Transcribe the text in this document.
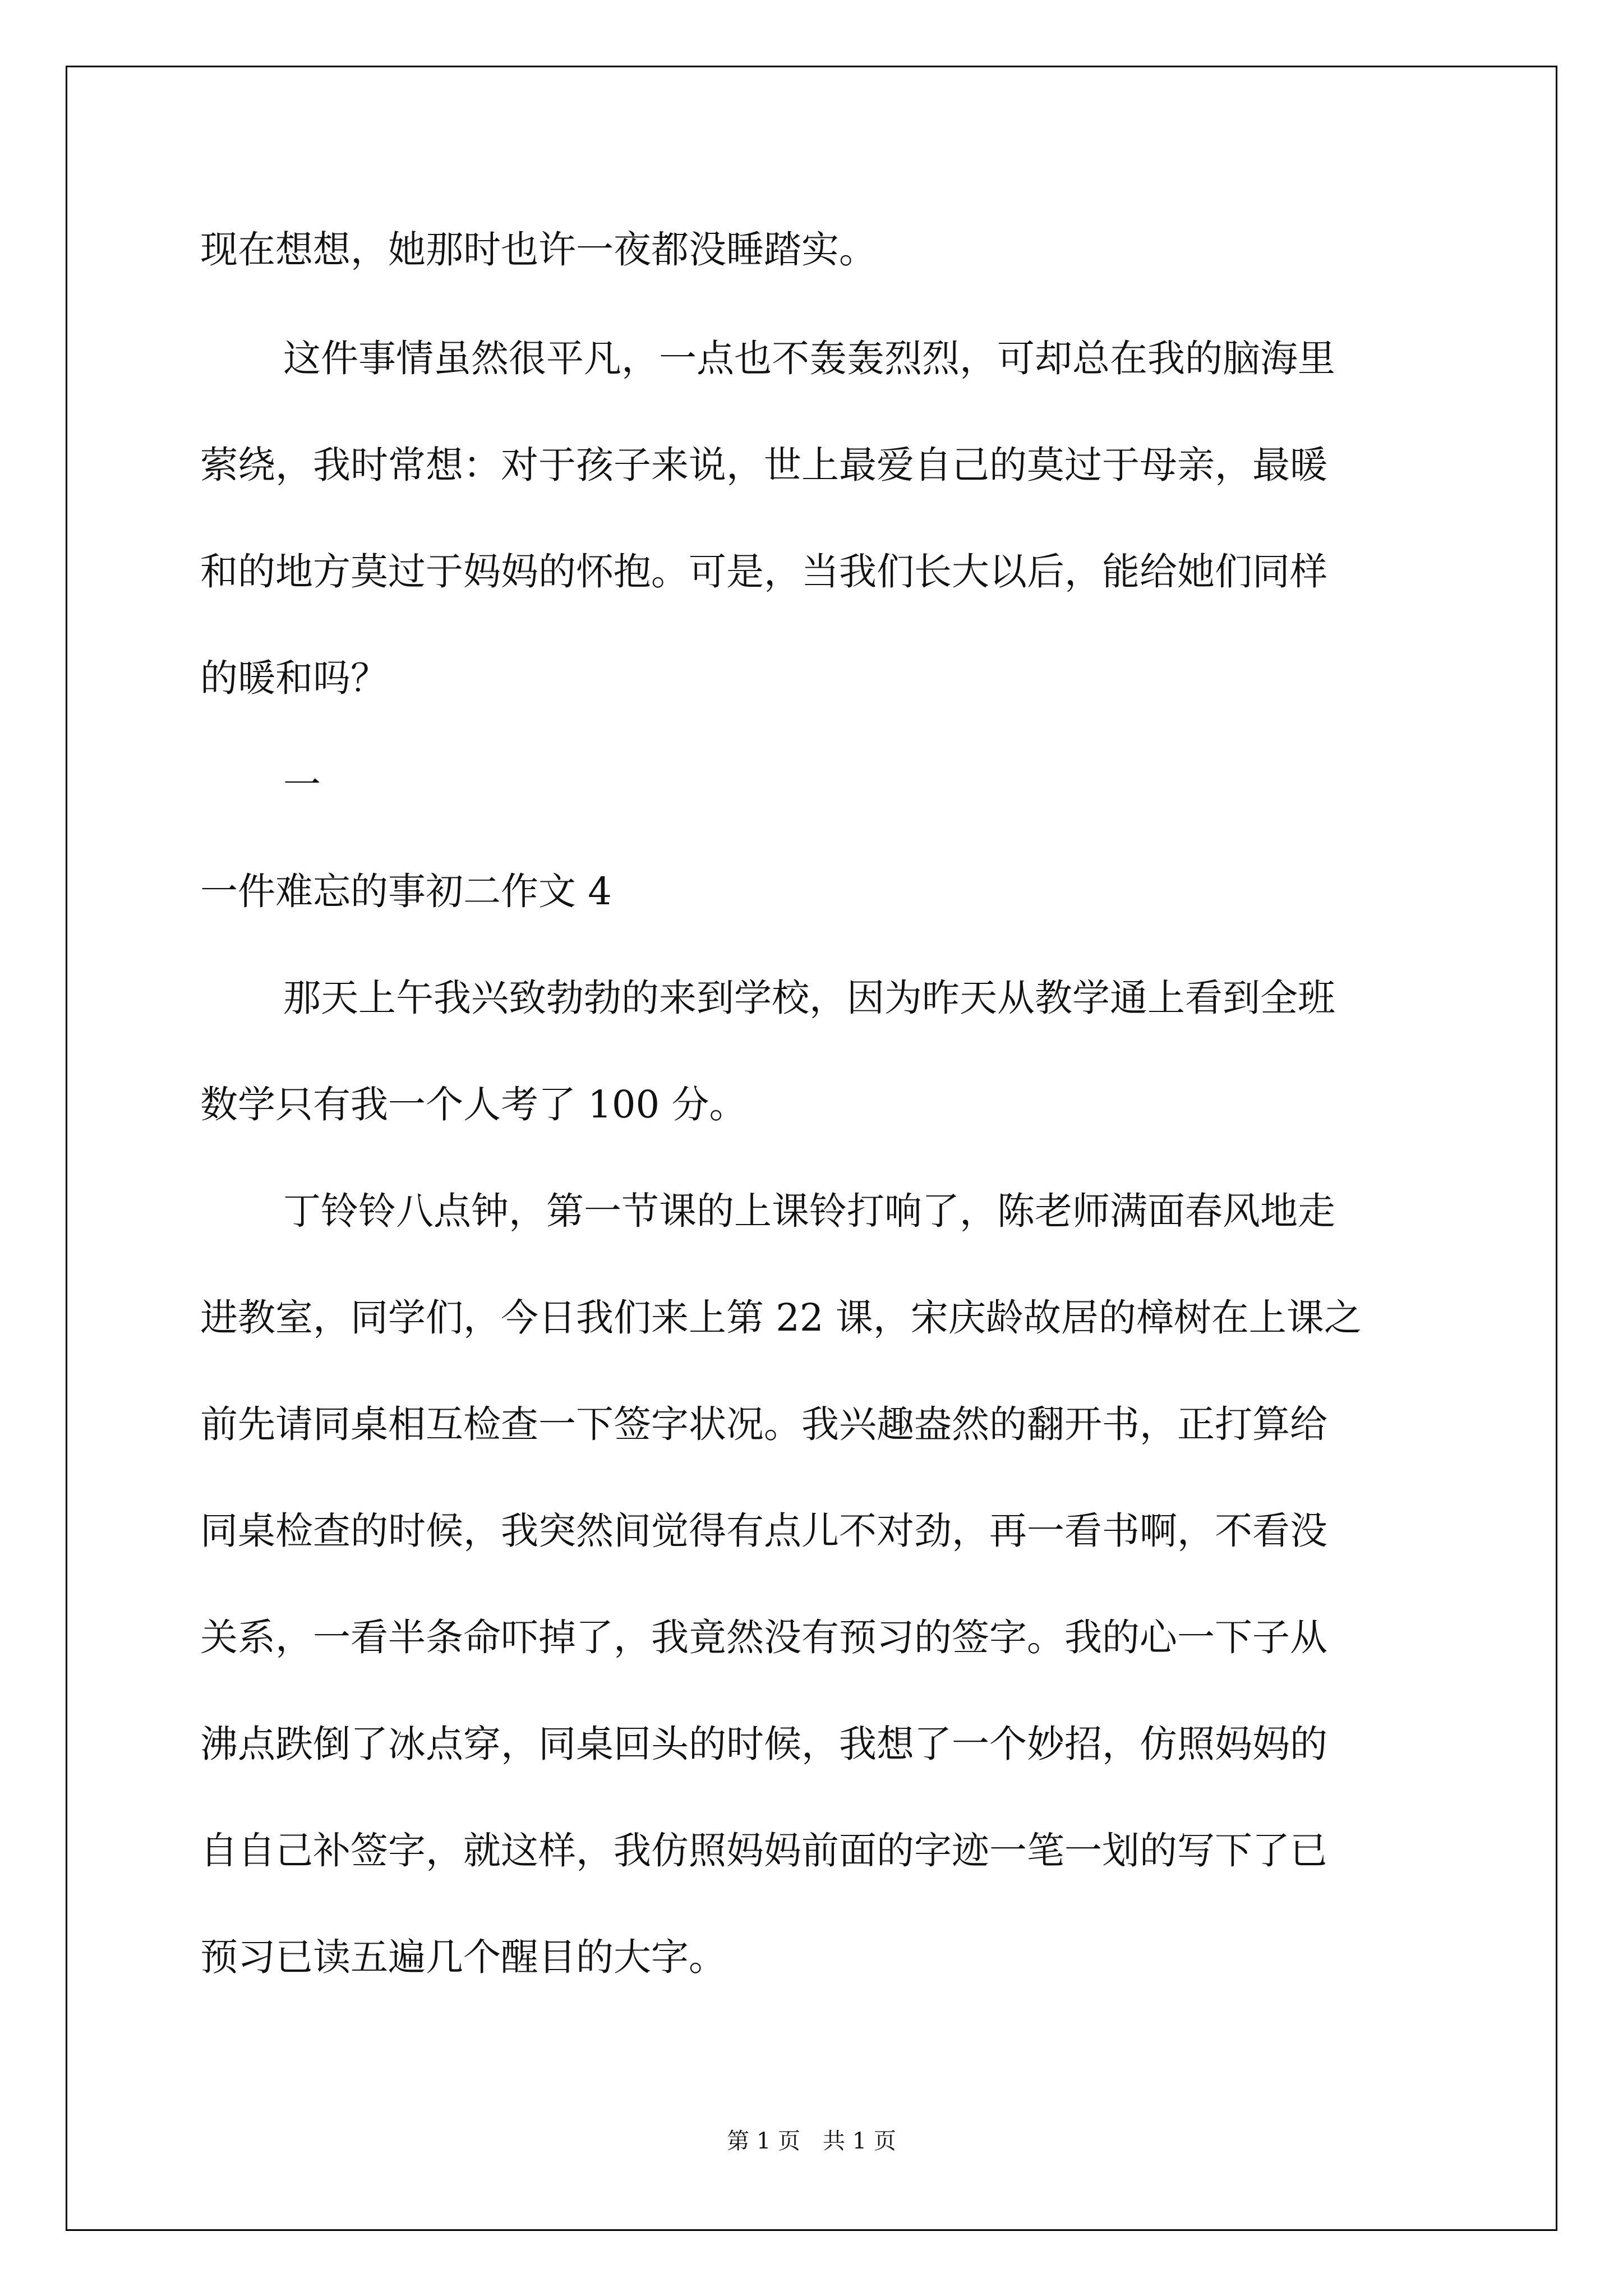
现在想想，她那时也许一夜都没睡踏实。

这件事情虽然很平凡，一点也不轰轰烈烈，可却总在我的脑海里

萦绕，我时常想：对于孩子来说，世上最爱自己的莫过于母亲，最暖

和的地方莫过于妈妈的怀抱。可是，当我们长大以后，能给她们同样

的暖和吗？

一

一件难忘的事初二作文 4

那天上午我兴致勃勃的来到学校，因为昨天从教学通上看到全班

数学只有我一个人考了 100 分。

丁铃铃八点钟，第一节课的上课铃打响了，陈老师满面春风地走

进教室，同学们，今日我们来上第 22 课，宋庆龄故居的樟树在上课之

前先请同桌相互检查一下签字状况。我兴趣盎然的翻开书，正打算给

同桌检查的时候，我突然间觉得有点儿不对劲，再一看书啊，不看没

关系，一看半条命吓掉了，我竟然没有预习的签字。我的心一下子从

沸点跌倒了冰点穿，同桌回头的时候，我想了一个妙招，仿照妈妈的

自自己补签字，就这样，我仿照妈妈前面的字迹一笔一划的写下了已

预习已读五遍几个醒目的大字。

第 1 页　共 1 页
